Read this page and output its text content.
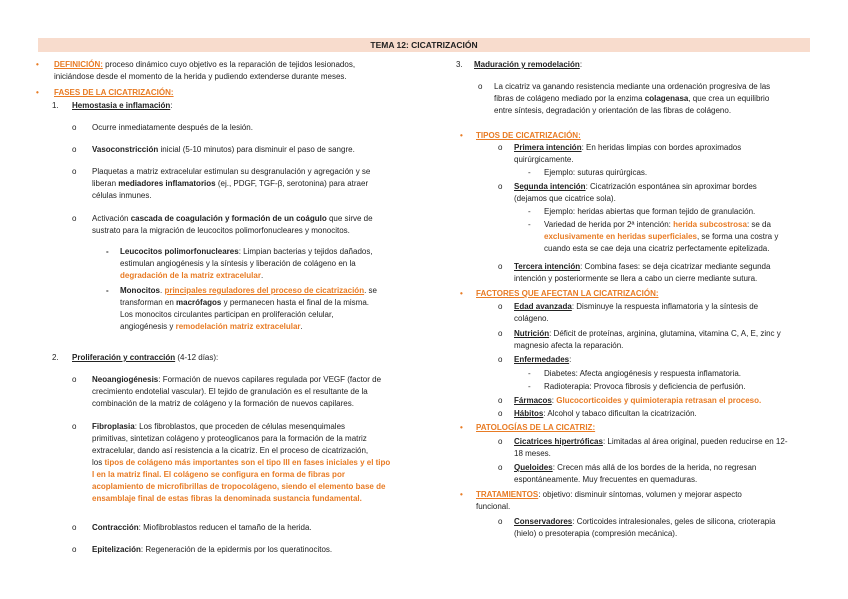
TEMA 12: CICATRIZACIÓN
• DEFINICIÓN: proceso dinámico cuyo objetivo es la reparación de tejidos lesionados,
iniciándose desde el momento de la herida y pudiendo extenderse durante meses.
• FASES DE LA CICATRIZACIÓN:
1. Hemostasia e inflamación:
o Ocurre inmediatamente después de la lesión.
o Vasoconstricción inicial (5-10 minutos) para disminuir el paso de sangre.
o Plaquetas a matriz extracelular estimulan su desgranulación y agregación y se
liberan mediadores inflamatorios (ej., PDGF, TGF-β, serotonina) para atraer
células inmunes.
o Activación cascada de coagulación y formación de un coágulo que sirve de
sustrato para la migración de leucocitos polimorfonucleares y monocitos.
- Leucocitos polimorfonucleares: Limpian bacterias y tejidos dañados,
estimulan angiogénesis y la síntesis y liberación de colágeno en la
degradación de la matriz extracelular.
- Monocitos. principales reguladores del proceso de cicatrización. se
transforman en macrófagos y permanecen hasta el final de la misma.
Los monocitos circulantes participan en proliferación celular,
angiogénesis y remodelación matriz extracelular.
2. Proliferación y contracción (4-12 días):
o Neoangiogénesis: Formación de nuevos capilares regulada por VEGF (factor de
crecimiento endotelial vascular). El tejido de granulación es el resultante de la
combinación de la matriz de colágeno y la formación de nuevos capilares.
o Fibroplasia: Los fibroblastos, que proceden de células mesenquimales
primitivas, sintetizan colágeno y proteoglicanos para la formación de la matriz
extracelular, dando así resistencia a la cicatriz. En el proceso de cicatrización,
los tipos de colágeno más importantes son el tipo III en fases iniciales y el tipo
I en la matriz final. El colágeno se configura en forma de fibras por
acoplamiento de microfibrillas de tropocolágeno, siendo el elemento base de
ensamblaje final de estas fibras la denominada sustancia fundamental.
o Contracción: Miofibroblastos reducen el tamaño de la herida.
o Epitelización: Regeneración de la epidermis por los queratinocitos.
3. Maduración y remodelación:
o La cicatriz va ganando resistencia mediante una ordenación progresiva de las
fibras de colágeno mediado por la enzima colagenasa, que crea un equilibrio
entre síntesis, degradación y orientación de las fibras de colágeno.
• TIPOS DE CICATRIZACIÓN:
o Primera intención: En heridas limpias con bordes aproximados
quirúrgicamente.
- Ejemplo: suturas quirúrgicas.
o Segunda intención: Cicatrización espontánea sin aproximar bordes
(dejamos que cicatrice sola).
- Ejemplo: heridas abiertas que forman tejido de granulación.
- Variedad de herida por 2ª intención: herida subcostrosa: se da
exclusivamente en heridas superficiales, se forma una costra y
cuando esta se cae deja una cicatriz perfectamente epitelizada.
o Tercera intención: Combina fases: se deja cicatrizar mediante segunda
intención y posteriormente se llera a cabo un cierre mediante sutura.
• FACTORES QUE AFECTAN LA CICATRIZACIÓN:
o Edad avanzada: Disminuye la respuesta inflamatoria y la síntesis de
colágeno.
o Nutrición: Déficit de proteínas, arginina, glutamina, vitamina C, A, E, zinc y
magnesio afecta la reparación.
o Enfermedades:
- Diabetes: Afecta angiogénesis y respuesta inflamatoria.
- Radioterapia: Provoca fibrosis y deficiencia de perfusión.
o Fármacos: Glucocorticoides y quimioterapia retrasan el proceso.
o Hábitos: Alcohol y tabaco dificultan la cicatrización.
• PATOLOGÍAS DE LA CICATRIZ:
o Cicatrices hipertróficas: Limitadas al área original, pueden reducirse en 12-
18 meses.
o Queloides: Crecen más allá de los bordes de la herida, no regresan
espontáneamente. Muy frecuentes en quemaduras.
• TRATAMIENTOS: objetivo: disminuir síntomas, volumen y mejorar aspecto
funcional.
o Conservadores: Corticoides intralesionales, geles de silicona, crioterapia
(hielo) o presoterapia (compresión mecánica).
